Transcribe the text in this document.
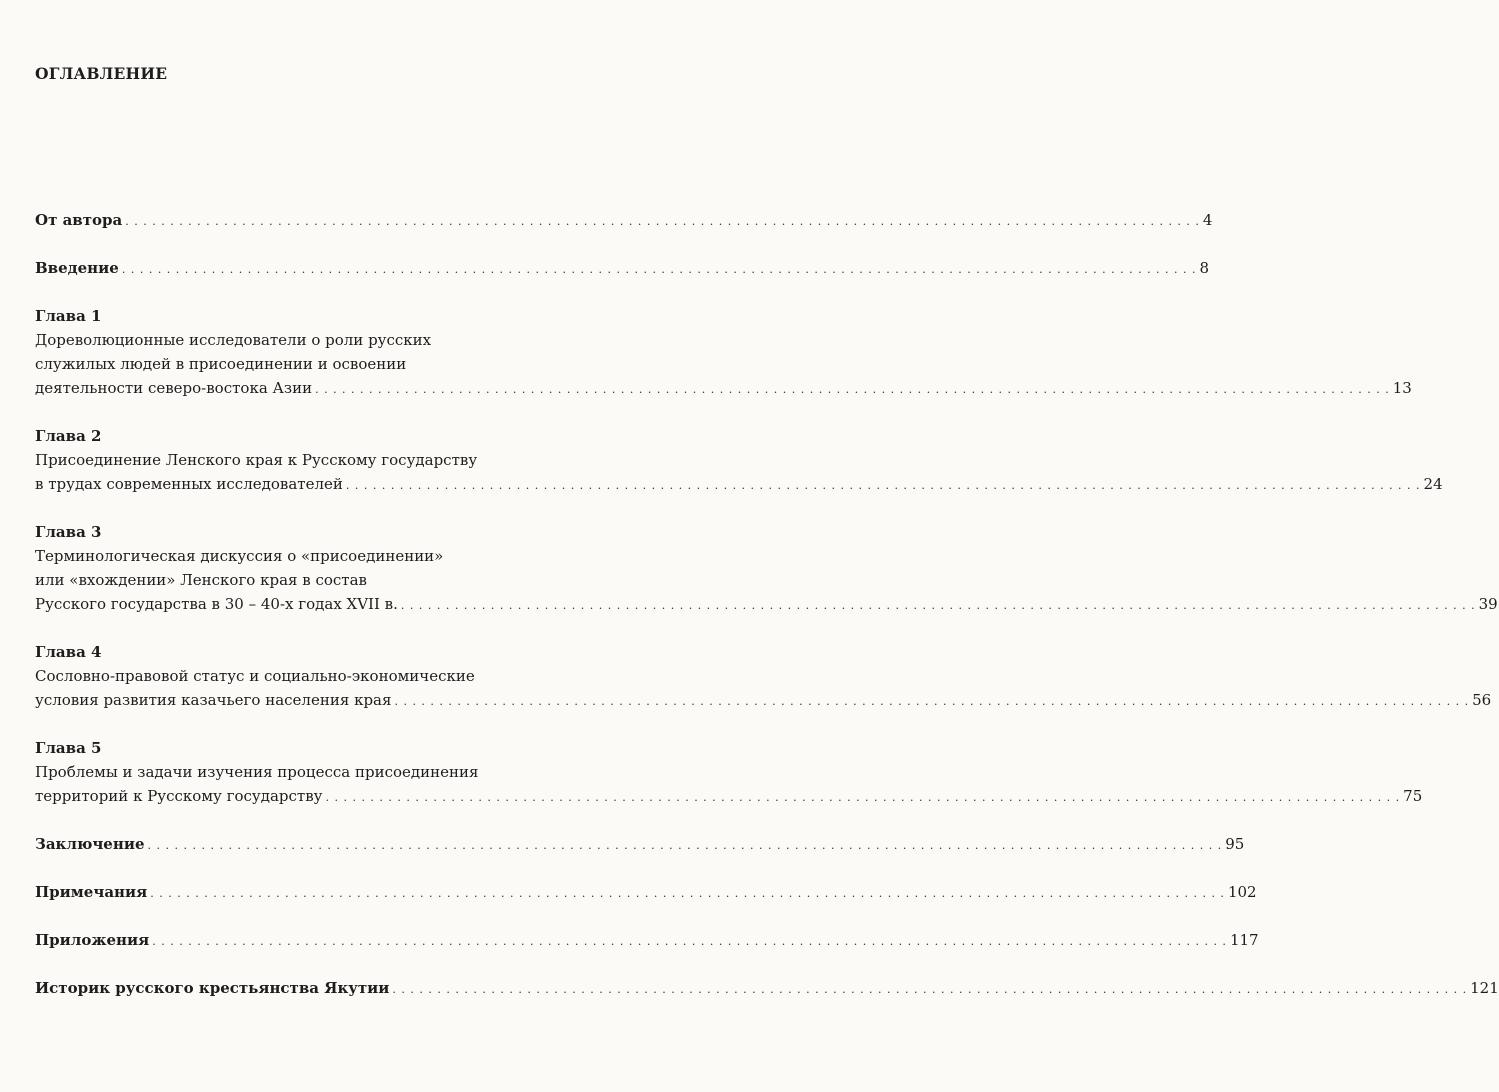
ОГЛАВЛЕНИЕ
От автора . . . . . . . . . . . . . . . . . . . . . . . . . . . . . . . . . . . . . . . . . . . . . . . . . . . . . . . . . . . . . . . . . . . . . . . . . . . . . . . . . . . . . . . . . . . . . . . . . . . . . . . . . . . . . . . . . . . . . . . . 4
Введение . . . . . . . . . . . . . . . . . . . . . . . . . . . . . . . . . . . . . . . . . . . . . . . . . . . . . . . . . . . . . . . . . . . . . . . . . . . . . . . . . . . . . . . . . . . . . . . . . . . . . . . . . . . . . . . . . . . . . . . . 8
Глава 1
Дореволюционные исследователи о роли русских
служилых людей в присоединении и освоении
деятельности северо-востока Азии . . . . . . . . . . . . . . . . . . . . . . . . . . . . . . . . . . . . . . . . . . . . . . . . . . . . . . . . . . . . . . . . . . . . . . . . . . . . . . . . . . . . . . . . . . . . . . . . . . . . . . . . . . . . . . . . . . . . . . . . 13
Глава 2
Присоединение Ленского края к Русскому государству
в трудах современных исследователей . . . . . . . . . . . . . . . . . . . . . . . . . . . . . . . . . . . . . . . . . . . . . . . . . . . . . . . . . . . . . . . . . . . . . . . . . . . . . . . . . . . . . . . . . . . . . . . . . . . . . . . . . . . . . . . . . . . . . . . . 24
Глава 3
Терминологическая дискуссия о «присоединении»
или «вхождении» Ленского края в состав
Русского государства в 30 – 40-х годах XVII в. . . . . . . . . . . . . . . . . . . . . . . . . . . . . . . . . . . . . . . . . . . . . . . . . . . . . . . . . . . . . . . . . . . . . . . . . . . . . . . . . . . . . . . . . . . . . . . . . . . . . . . . . . . . . . . . . . . . . . . . . 39
Глава 4
Сословно-правовой статус и социально-экономические
условия развития казачьего населения края . . . . . . . . . . . . . . . . . . . . . . . . . . . . . . . . . . . . . . . . . . . . . . . . . . . . . . . . . . . . . . . . . . . . . . . . . . . . . . . . . . . . . . . . . . . . . . . . . . . . . . . . . . . . . . . . . . . . . . . . 56
Глава 5
Проблемы и задачи изучения процесса присоединения
территорий к Русскому государству . . . . . . . . . . . . . . . . . . . . . . . . . . . . . . . . . . . . . . . . . . . . . . . . . . . . . . . . . . . . . . . . . . . . . . . . . . . . . . . . . . . . . . . . . . . . . . . . . . . . . . . . . . . . . . . . . . . . . . . . 75
Заключение . . . . . . . . . . . . . . . . . . . . . . . . . . . . . . . . . . . . . . . . . . . . . . . . . . . . . . . . . . . . . . . . . . . . . . . . . . . . . . . . . . . . . . . . . . . . . . . . . . . . . . . . . . . . . . . . . . . . . . . . 95
Примечания . . . . . . . . . . . . . . . . . . . . . . . . . . . . . . . . . . . . . . . . . . . . . . . . . . . . . . . . . . . . . . . . . . . . . . . . . . . . . . . . . . . . . . . . . . . . . . . . . . . . . . . . . . . . . . . . . . . . . . . . 102
Приложения . . . . . . . . . . . . . . . . . . . . . . . . . . . . . . . . . . . . . . . . . . . . . . . . . . . . . . . . . . . . . . . . . . . . . . . . . . . . . . . . . . . . . . . . . . . . . . . . . . . . . . . . . . . . . . . . . . . . . . . . 117
Историк русского крестьянства Якутии . . . . . . . . . . . . . . . . . . . . . . . . . . . . . . . . . . . . . . . . . . . . . . . . . . . . . . . . . . . . . . . . . . . . . . . . . . . . . . . . . . . . . . . . . . . . . . . . . . . . . . . . . . . . . . . . . . . . . . . . 121
